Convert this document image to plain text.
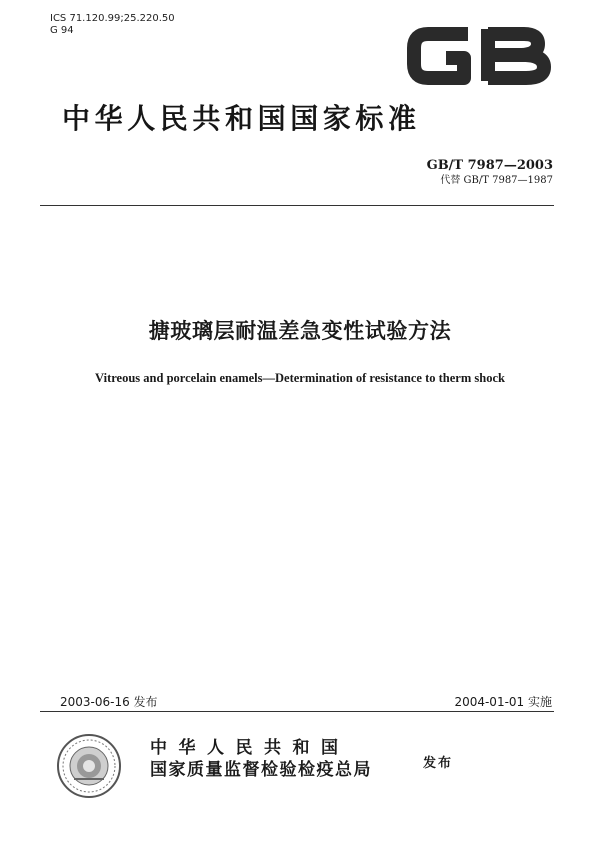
ICS 71.120.99;25.220.50
G 94
中华人民共和国国家标准
GB/T 7987—2003
代替 GB/T 7987—1987
搪玻璃层耐温差急变性试验方法
Vitreous and porcelain enamels—Determination of resistance to therm shock
2003-06-16 发布	2004-01-01 实施
中华人民共和国
国家质量监督检验检疫总局	发布
